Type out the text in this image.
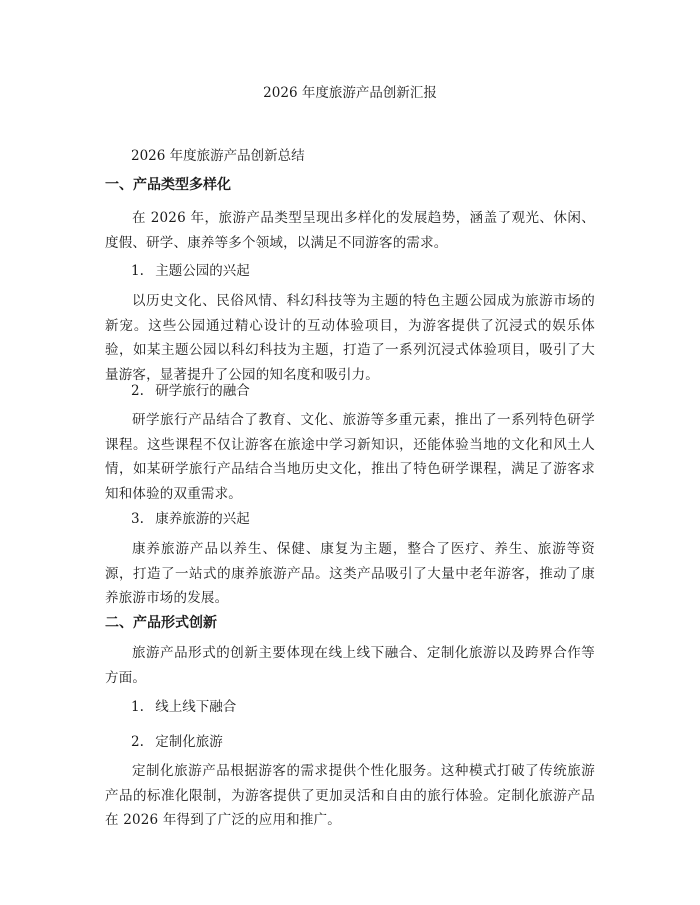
2026 年度旅游产品创新汇报
2026 年度旅游产品创新总结
一、产品类型多样化
在 2026 年，旅游产品类型呈现出多样化的发展趋势，涵盖了观光、休闲、度假、研学、康养等多个领域，以满足不同游客的需求。
1. 主题公园的兴起
以历史文化、民俗风情、科幻科技等为主题的特色主题公园成为旅游市场的新宠。这些公园通过精心设计的互动体验项目，为游客提供了沉浸式的娱乐体验，如某主题公园以科幻科技为主题，打造了一系列沉浸式体验项目，吸引了大量游客，显著提升了公园的知名度和吸引力。
2. 研学旅行的融合
研学旅行产品结合了教育、文化、旅游等多重元素，推出了一系列特色研学课程。这些课程不仅让游客在旅途中学习新知识，还能体验当地的文化和风土人情，如某研学旅行产品结合当地历史文化，推出了特色研学课程，满足了游客求知和体验的双重需求。
3. 康养旅游的兴起
康养旅游产品以养生、保健、康复为主题，整合了医疗、养生、旅游等资源，打造了一站式的康养旅游产品。这类产品吸引了大量中老年游客，推动了康养旅游市场的发展。
二、产品形式创新
旅游产品形式的创新主要体现在线上线下融合、定制化旅游以及跨界合作等方面。
1. 线上线下融合
2. 定制化旅游
定制化旅游产品根据游客的需求提供个性化服务。这种模式打破了传统旅游产品的标准化限制，为游客提供了更加灵活和自由的旅行体验。定制化旅游产品在 2026 年得到了广泛的应用和推广。
